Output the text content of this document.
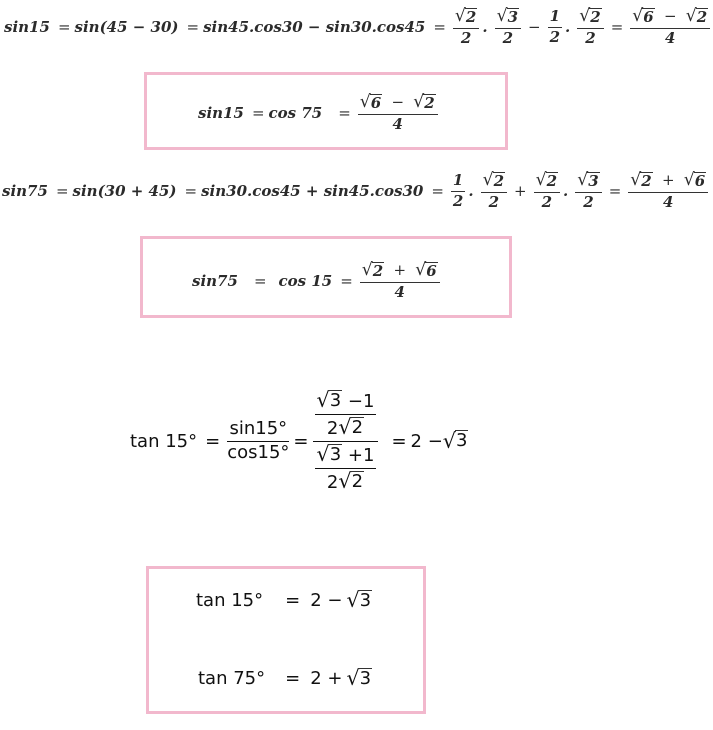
$\sin 15 = \sin(45 - 30) = \sin 45.\cos 30 - \sin 30.\cos 45 = \frac{√ 2}{2}$ . $\frac{√ 3}{2} - \frac{1}{2}$ . $\frac{√ 2}{2} = \frac{√ 6 - √ 2}{4}$
$\sin 15 = \cos 75 = \frac{√ 6 - √ 2}{4}$
$\sin 75 = \sin(30 + 45) = \sin 30.\cos 45 + \sin 45.\cos 30 = \frac{1}{2}$ . $\frac{√ 2}{2} + \frac{√ 2}{2}$ . $\frac{√ 3}{2} = \frac{√ 2 + √ 6}{4}$
$\sin 75 = \cos 15 = \frac{√ 2 + √ 6}{4}$
$\tan 15^\circ = \frac{\sin 15^\circ}{\cos 15^\circ} = \frac{\frac{√ 3 -1}{2 √ 2}}{\frac{√ 3 +1}{2 √ 2}} = 2$ − √ 3
tan 15° = 2 − √ 3
tan 75° = 2 + √ 3
